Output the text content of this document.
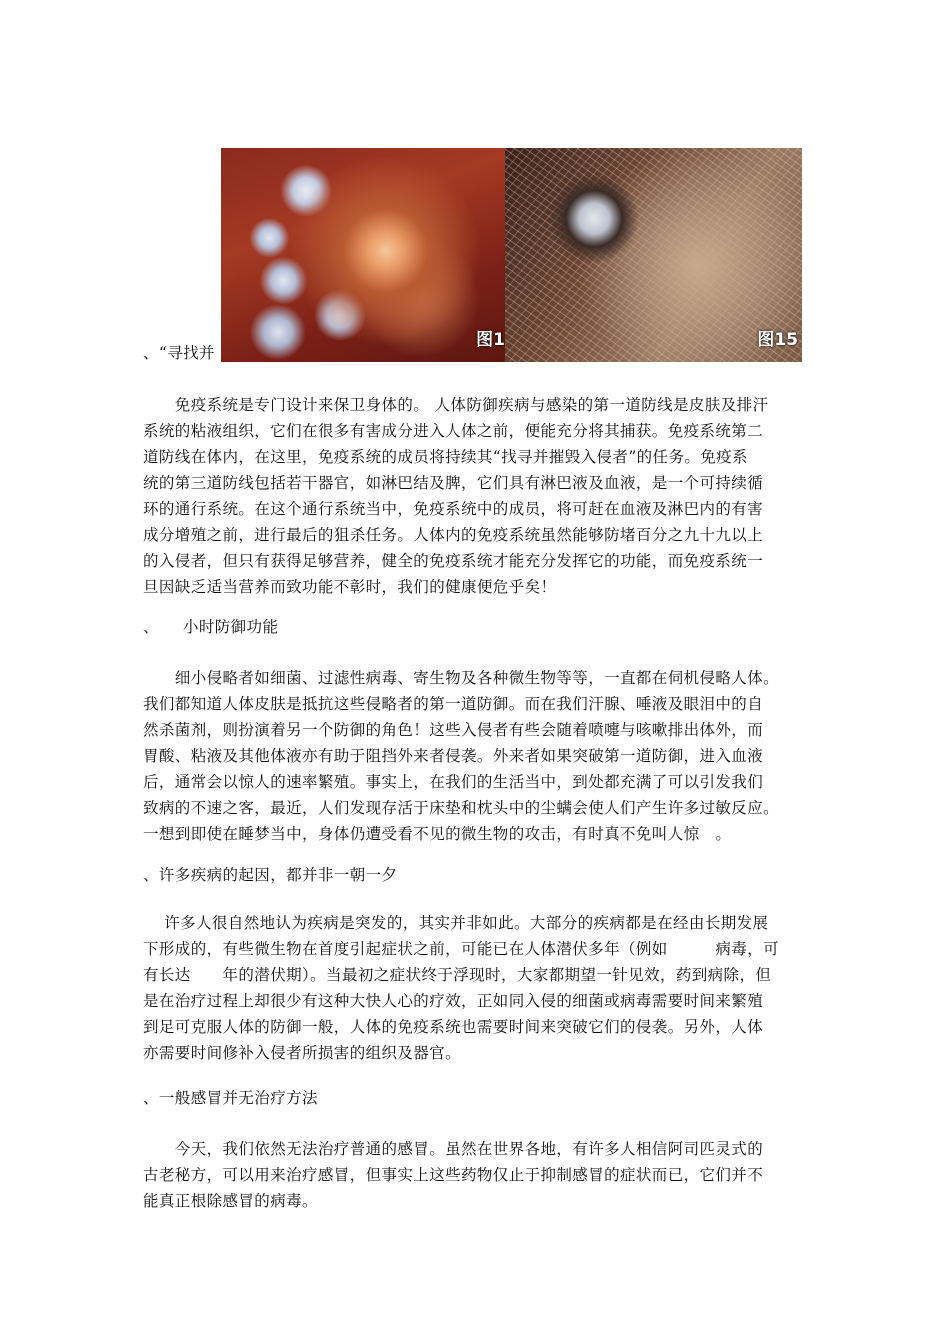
图1	图15
、“寻找并
　　免疫系统是专门设计来保卫身体的。 人体防御疾病与感染的第一道防线是皮肤及排汗
系统的粘液组织，它们在很多有害成分进入人体之前，便能充分将其捕获。免疫系统第二
道防线在体内，在这里，免疫系统的成员将持续其“找寻并摧毁入侵者”的任务。免疫系
统的第三道防线包括若干器官，如淋巴结及脾，它们具有淋巴液及血液，是一个可持续循
环的通行系统。在这个通行系统当中，免疫系统中的成员，将可赶在血液及淋巴内的有害
成分增殖之前，进行最后的狙杀任务。人体内的免疫系统虽然能够防堵百分之九十九以上
的入侵者，但只有获得足够营养，健全的免疫系统才能充分发挥它的功能，而免疫系统一
旦因缺乏适当营养而致功能不彰时，我们的健康便危乎矣！
、　　小时防御功能
　　细小侵略者如细菌、过滤性病毒、寄生物及各种微生物等等，一直都在伺机侵略人体。
我们都知道人体皮肤是抵抗这些侵略者的第一道防御。而在我们汗腺、唾液及眼泪中的自
然杀菌剂，则扮演着另一个防御的角色！这些入侵者有些会随着喷嚏与咳嗽排出体外，而
胃酸、粘液及其他体液亦有助于阻挡外来者侵袭。外来者如果突破第一道防御，进入血液
后，通常会以惊人的速率繁殖。事实上，在我们的生活当中，到处都充满了可以引发我们
致病的不速之客，最近，人们发现存活于床垫和枕头中的尘螨会使人们产生许多过敏反应。
一想到即使在睡梦当中，身体仍遭受看不见的微生物的攻击，有时真不免叫人惊　。
、许多疾病的起因，都并非一朝一夕
　 许多人很自然地认为疾病是突发的，其实并非如此。大部分的疾病都是在经由长期发展
下形成的，有些微生物在首度引起症状之前，可能已在人体潜伏多年（例如　　　病毒，可
有长达　　年的潜伏期）。当最初之症状终于浮现时，大家都期望一针见效，药到病除，但
是在治疗过程上却很少有这种大快人心的疗效，正如同入侵的细菌或病毒需要时间来繁殖
到足可克服人体的防御一般，人体的免疫系统也需要时间来突破它们的侵袭。另外，人体
亦需要时间修补入侵者所损害的组织及器官。
、一般感冒并无治疗方法
　　今天，我们依然无法治疗普通的感冒。虽然在世界各地，有许多人相信阿司匹灵式的
古老秘方，可以用来治疗感冒，但事实上这些药物仅止于抑制感冒的症状而已，它们并不
能真正根除感冒的病毒。
